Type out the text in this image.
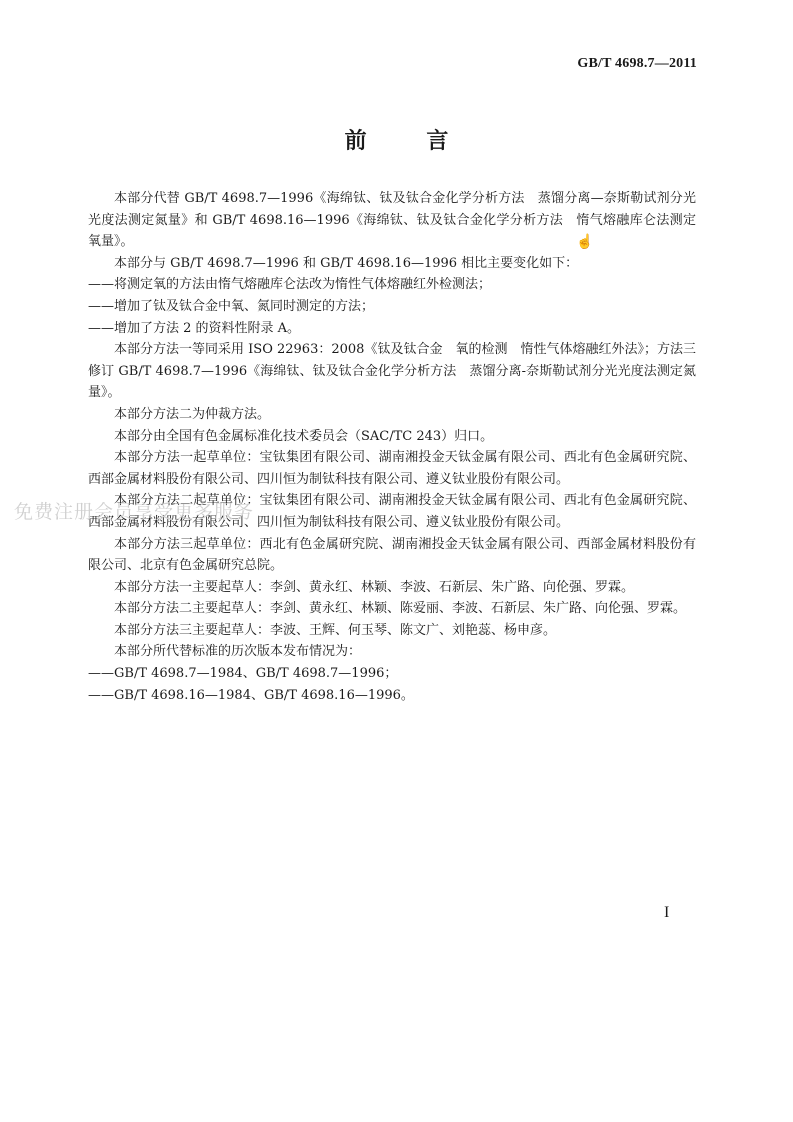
GB/T 4698.7—2011
前 言
☝

本部分代替 GB/T 4698.7—1996《海绵钛、钛及钛合金化学分析方法　蒸馏分离—奈斯勒试剂分光光度法测定氮量》和 GB/T 4698.16—1996《海绵钛、钛及钛合金化学分析方法　惰气熔融库仑法测定氧量》。

本部分与 GB/T 4698.7—1996 和 GB/T 4698.16—1996 相比主要变化如下：

——将测定氧的方法由惰气熔融库仑法改为惰性气体熔融红外检测法；

——增加了钛及钛合金中氧、氮同时测定的方法；

——增加了方法 2 的资料性附录 A。

本部分方法一等同采用 ISO 22963：2008《钛及钛合金　氧的检测　惰性气体熔融红外法》；方法三修订 GB/T 4698.7—1996《海绵钛、钛及钛合金化学分析方法　蒸馏分离-奈斯勒试剂分光光度法测定氮量》。

本部分方法二为仲裁方法。

本部分由全国有色金属标准化技术委员会（SAC/TC 243）归口。

本部分方法一起草单位：宝钛集团有限公司、湖南湘投金天钛金属有限公司、西北有色金属研究院、西部金属材料股份有限公司、四川恒为制钛科技有限公司、遵义钛业股份有限公司。

本部分方法二起草单位：宝钛集团有限公司、湖南湘投金天钛金属有限公司、西北有色金属研究院、西部金属材料股份有限公司、四川恒为制钛科技有限公司、遵义钛业股份有限公司。

本部分方法三起草单位：西北有色金属研究院、湖南湘投金天钛金属有限公司、西部金属材料股份有限公司、北京有色金属研究总院。

本部分方法一主要起草人：李剑、黄永红、林颖、李波、石新层、朱广路、向伦强、罗霖。

本部分方法二主要起草人：李剑、黄永红、林颖、陈爱丽、李波、石新层、朱广路、向伦强、罗霖。

本部分方法三主要起草人：李波、王辉、何玉琴、陈文广、刘艳蕊、杨申彦。

本部分所代替标准的历次版本发布情况为：

——GB/T 4698.7—1984、GB/T 4698.7—1996；

——GB/T 4698.16—1984、GB/T 4698.16—1996。

免费注册会员享受更多服务
I
